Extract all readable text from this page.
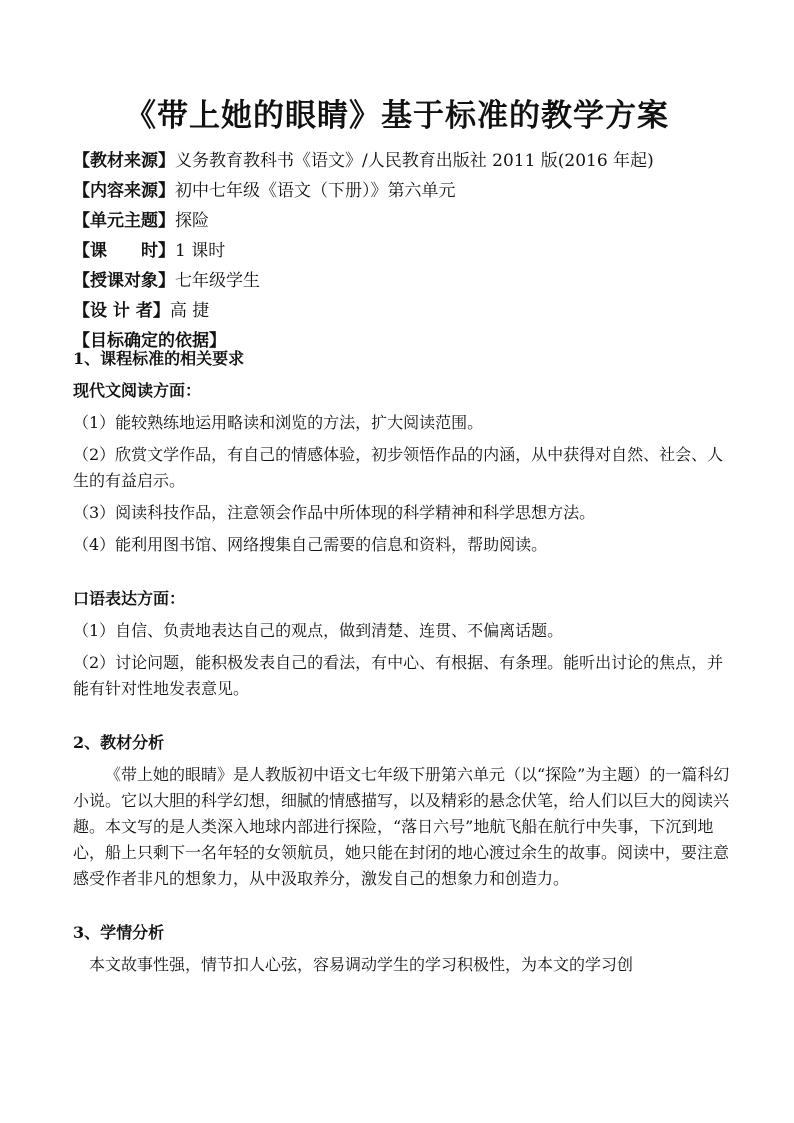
《带上她的眼睛》基于标准的教学方案
【教材来源】义务教育教科书《语文》/人民教育出版社 2011 版(2016 年起)
【内容来源】初中七年级《语文（下册）》第六单元
【单元主题】探险
【课　　时】1 课时
【授课对象】七年级学生
【设 计 者】高 捷
【目标确定的依据】
1、课程标准的相关要求
现代文阅读方面：
（1）能较熟练地运用略读和浏览的方法，扩大阅读范围。
（2）欣赏文学作品，有自己的情感体验，初步领悟作品的内涵，从中获得对自然、社会、人生的有益启示。
（3）阅读科技作品，注意领会作品中所体现的科学精神和科学思想方法。
（4）能利用图书馆、网络搜集自己需要的信息和资料，帮助阅读。
口语表达方面：
（1）自信、负责地表达自己的观点，做到清楚、连贯、不偏离话题。
（2）讨论问题，能积极发表自己的看法，有中心、有根据、有条理。能听出讨论的焦点，并能有针对性地发表意见。
2、教材分析
《带上她的眼睛》是人教版初中语文七年级下册第六单元（以“探险”为主题）的一篇科幻小说。它以大胆的科学幻想，细腻的情感描写，以及精彩的悬念伏笔，给人们以巨大的阅读兴趣。本文写的是人类深入地球内部进行探险，“落日六号”地航飞船在航行中失事，下沉到地心，船上只剩下一名年轻的女领航员，她只能在封闭的地心渡过余生的故事。阅读中，要注意感受作者非凡的想象力，从中汲取养分，激发自己的想象力和创造力。
3、学情分析
本文故事性强，情节扣人心弦，容易调动学生的学习积极性，为本文的学习创
